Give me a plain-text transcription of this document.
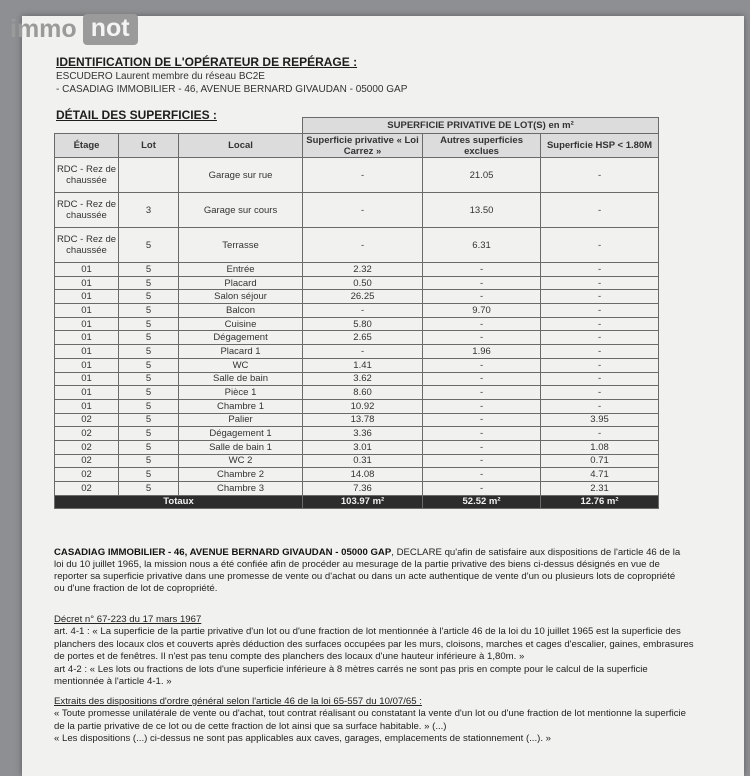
immo not
IDENTIFICATION DE L'OPÉRATEUR DE REPÉRAGE :
ESCUDERO Laurent membre du réseau BC2E
- CASADIAG IMMOBILIER - 46, AVENUE BERNARD GIVAUDAN - 05000 GAP
DÉTAIL DES SUPERFICIES :
			SUPERFICIE PRIVATIVE DE LOT(S) en m²		
Étage	Lot	Local	Superficie privative « Loi Carrez »	Autres superficies exclues	Superficie HSP < 1.80M
RDC - Rez de chaussée		Garage sur rue	-	21.05	-
RDC - Rez de chaussée	3	Garage sur cours	-	13.50	-
RDC - Rez de chaussée	5	Terrasse	-	6.31	-
01	5	Entrée	2.32	-	-
01	5	Placard	0.50	-	-
01	5	Salon séjour	26.25	-	-
01	5	Balcon	-	9.70	-
01	5	Cuisine	5.80	-	-
01	5	Dégagement	2.65	-	-
01	5	Placard 1	-	1.96	-
01	5	WC	1.41	-	-
01	5	Salle de bain	3.62	-	-
01	5	Pièce 1	8.60	-	-
01	5	Chambre 1	10.92	-	-
02	5	Palier	13.78	-	3.95
02	5	Dégagement 1	3.36	-	-
02	5	Salle de bain 1	3.01	-	1.08
02	5	WC 2	0.31	-	0.71
02	5	Chambre 2	14.08	-	4.71
02	5	Chambre 3	7.36	-	2.31
Totaux			103.97 m²	52.52 m²	12.76 m²
CASADIAG IMMOBILIER - 46, AVENUE BERNARD GIVAUDAN - 05000 GAP, DECLARE qu'afin de satisfaire aux dispositions de l'article 46 de la loi du 10 juillet 1965, la mission nous a été confiée afin de procéder au mesurage de la partie privative des biens ci-dessus désignés en vue de reporter sa superficie privative dans une promesse de vente ou d'achat ou dans un acte authentique de vente d'un ou plusieurs lots de copropriété ou d'une fraction de lot de copropriété.
Décret n° 67-223 du 17 mars 1967
art. 4-1 : « La superficie de la partie privative d'un lot ou d'une fraction de lot mentionnée à l'article 46 de la loi du 10 juillet 1965 est la superficie des planchers des locaux clos et couverts après déduction des surfaces occupées par les murs, cloisons, marches et cages d'escalier, gaines, embrasures de portes et de fenêtres. Il n'est pas tenu compte des planchers des locaux d'une hauteur inférieure à 1,80m. »
art 4-2 : « Les lots ou fractions de lots d'une superficie inférieure à 8 mètres carrés ne sont pas pris en compte pour le calcul de la superficie mentionnée à l'article 4-1. »
Extraits des dispositions d'ordre général selon l'article 46 de la loi 65-557 du 10/07/65 :
« Toute promesse unilatérale de vente ou d'achat, tout contrat réalisant ou constatant la vente d'un lot ou d'une fraction de lot mentionne la superficie de la partie privative de ce lot ou de cette fraction de lot ainsi que sa surface habitable. » (...)
« Les dispositions (...) ci-dessus ne sont pas applicables aux caves, garages, emplacements de stationnement (...). »
